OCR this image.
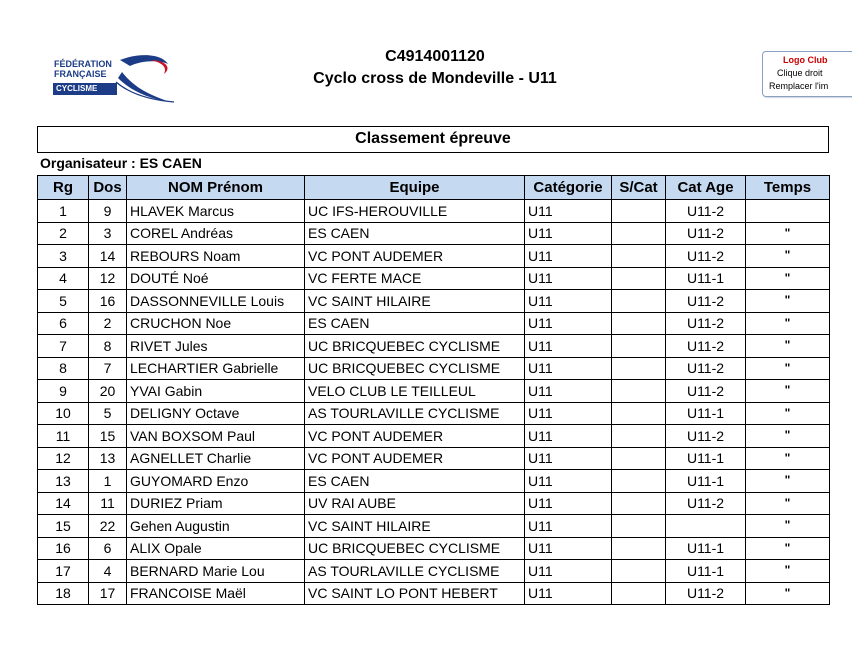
FÉDÉRATION
FRANÇAISE
CYCLISME
C4914001120
Cyclo cross de Mondeville - U11
Logo Club
Clique droit
Remplacer l'im
Classement épreuve
Organisateur : ES CAEN
Rg	Dos	NOM Prénom	Equipe	Catégorie	S/Cat	Cat Age	Temps
1	9	HLAVEK Marcus	UC IFS-HEROUVILLE	U11		U11-2	
2	3	COREL Andréas	ES CAEN	U11		U11-2	"
3	14	REBOURS Noam	VC PONT AUDEMER	U11		U11-2	"
4	12	DOUTÉ Noé	VC FERTE MACE	U11		U11-1	"
5	16	DASSONNEVILLE Louis	VC SAINT HILAIRE	U11		U11-2	"
6	2	CRUCHON Noe	ES CAEN	U11		U11-2	"
7	8	RIVET Jules	UC BRICQUEBEC CYCLISME	U11		U11-2	"
8	7	LECHARTIER Gabrielle	UC BRICQUEBEC CYCLISME	U11		U11-2	"
9	20	YVAI Gabin	VELO CLUB LE TEILLEUL	U11		U11-2	"
10	5	DELIGNY Octave	AS TOURLAVILLE CYCLISME	U11		U11-1	"
11	15	VAN BOXSOM Paul	VC PONT AUDEMER	U11		U11-2	"
12	13	AGNELLET Charlie	VC PONT AUDEMER	U11		U11-1	"
13	1	GUYOMARD Enzo	ES CAEN	U11		U11-1	"
14	11	DURIEZ Priam	UV RAI AUBE	U11		U11-2	"
15	22	Gehen Augustin	VC SAINT HILAIRE	U11			"
16	6	ALIX Opale	UC BRICQUEBEC CYCLISME	U11		U11-1	"
17	4	BERNARD Marie Lou	AS TOURLAVILLE CYCLISME	U11		U11-1	"
18	17	FRANCOISE Maël	VC SAINT LO PONT HEBERT	U11		U11-2	"
